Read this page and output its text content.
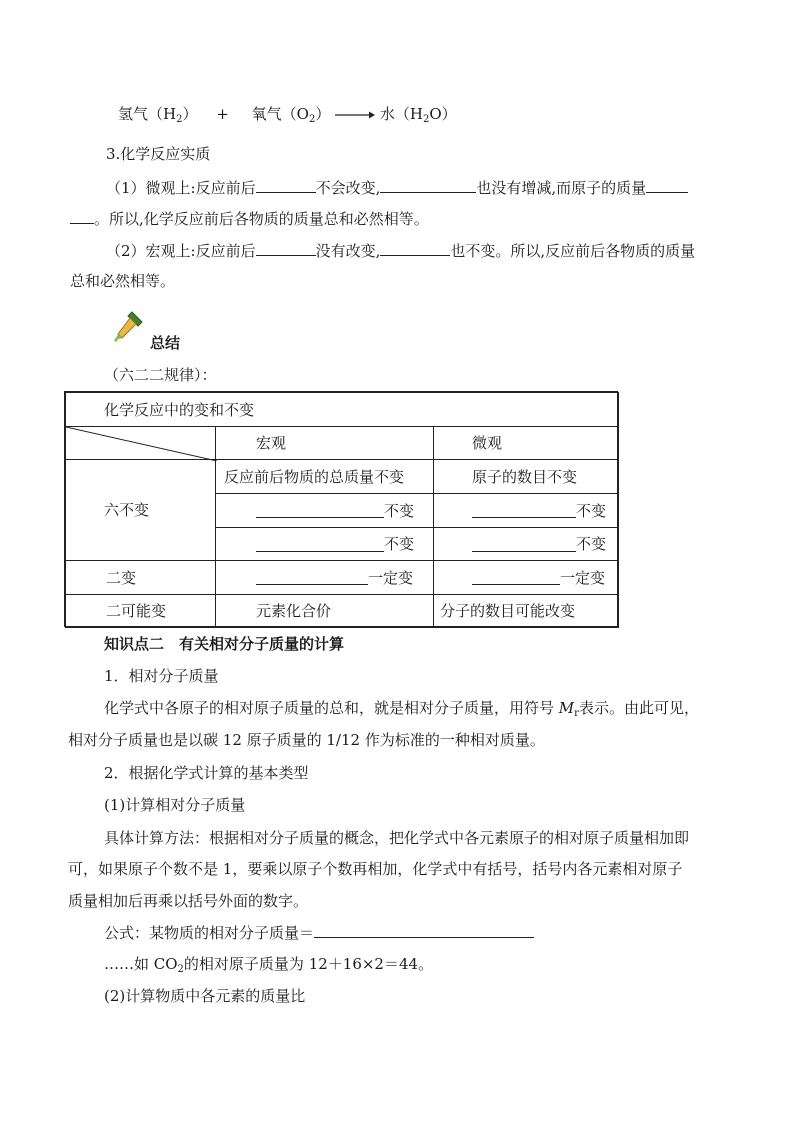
氢气$(H_2)$ + 氧气$(O_2)$	水$(H_2O)$
3.化学反应实质
（1）微观上:反应前后	不会改变,	也没有增减,而原子的质量
。所以,化学反应前后各物质的质量总和必然相等。
（2）宏观上:反应前后	没有改变,	也不变。所以,反应前后各物质的质量
总和必然相等。
总结
（六二二规律）：
化学反应中的变和不变
宏观	微观
六不变
反应前后物质的总质量不变	原子的数目不变
不变	不变
不变	不变
二变	一定变	一定变
二可能变	元素化合价	分子的数目可能改变
知识点二　有关相对分子质量的计算
1．相对分子质量
化学式中各原子的相对原子质量的总和，就是相对分子质量，用符号 $M_r$表示。由此可见，
相对分子质量也是以碳 12 原子质量的 1/12 作为标准的一种相对质量。
2．根据化学式计算的基本类型
(1)计算相对分子质量
具体计算方法：根据相对分子质量的概念，把化学式中各元素原子的相对原子质量相加即
可，如果原子个数不是 1，要乘以原子个数再相加，化学式中有括号，括号内各元素相对原子
质量相加后再乘以括号外面的数字。
公式：某物质的相对分子质量＝
……如 $CO_2$的相对原子质量为 12＋16×2＝44。
(2)计算物质中各元素的质量比
